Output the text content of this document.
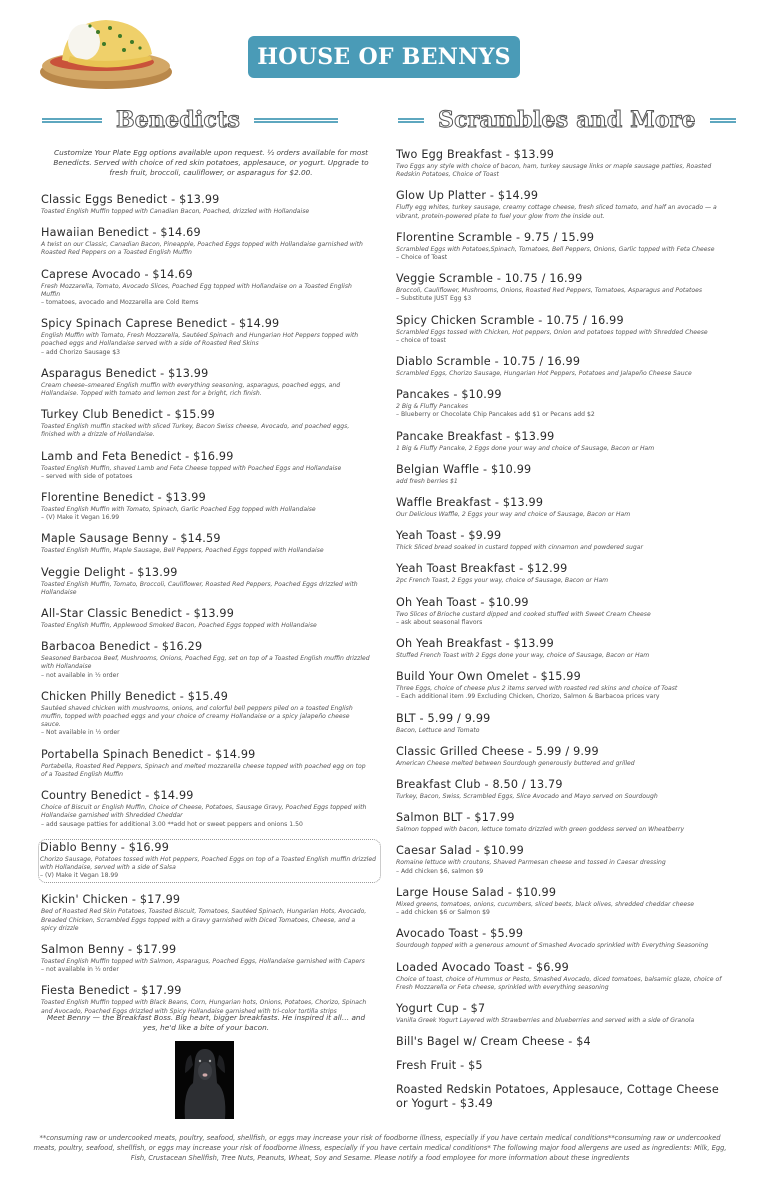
HOUSE OF BENNYS
Benedicts	Scrambles and More
Customize Your Plate Egg options available upon request. ½ orders available for most Benedicts. Served with choice of red skin potatoes, applesauce, or yogurt. Upgrade to fresh fruit, broccoli, cauliflower, or asparagus for $2.00.
Classic Eggs Benedict - $13.99
Toasted English Muffin topped with Canadian Bacon, Poached, drizzled with Hollandaise
Hawaiian Benedict - $14.69
A twist on our Classic, Canadian Bacon, Pineapple, Poached Eggs topped with Hollandaise garnished with Roasted Red Peppers on a Toasted English Muffin
Caprese Avocado - $14.69
Fresh Mozzarella, Tomato, Avocado Slices, Poached Egg topped with Hollandaise on a Toasted English Muffin
– tomatoes, avocado and Mozzarella are Cold Items
Spicy Spinach Caprese Benedict - $14.99
English Muffin with Tomato, Fresh Mozzarella, Sautéed Spinach and Hungarian Hot Peppers topped with poached eggs and Hollandaise served with a side of Roasted Red Skins
– add Chorizo Sausage $3
Asparagus Benedict - $13.99
Cream cheese–smeared English muffin with everything seasoning, asparagus, poached eggs, and Hollandaise. Topped with tomato and lemon zest for a bright, rich finish.
Turkey Club Benedict - $15.99
Toasted English muffin stacked with sliced Turkey, Bacon Swiss cheese, Avocado, and poached eggs, finished with a drizzle of Hollandaise.
Lamb and Feta Benedict - $16.99
Toasted English Muffin, shaved Lamb and Feta Cheese topped with Poached Eggs and Hollandaise
– served with side of potatoes
Florentine Benedict - $13.99
Toasted English Muffin with Tomato, Spinach, Garlic Poached Egg topped with Hollandaise
– (V) Make it Vegan 16.99
Maple Sausage Benny - $14.59
Toasted English Muffin, Maple Sausage, Bell Peppers, Poached Eggs topped with Hollandaise
Veggie Delight - $13.99
Toasted English Muffin, Tomato, Broccoli, Cauliflower, Roasted Red Peppers, Poached Eggs drizzled with Hollandaise
All-Star Classic Benedict - $13.99
Toasted English Muffin, Applewood Smoked Bacon, Poached Eggs topped with Hollandaise
Barbacoa Benedict - $16.29
Seasoned Barbacoa Beef, Mushrooms, Onions, Poached Egg, set on top of a Toasted English muffin drizzled with Hollandaise
– not available in ½ order
Chicken Philly Benedict - $15.49
Sautéed shaved chicken with mushrooms, onions, and colorful bell peppers piled on a toasted English muffin, topped with poached eggs and your choice of creamy Hollandaise or a spicy jalapeño cheese sauce.
– Not available in ½ order
Portabella Spinach Benedict - $14.99
Portabella, Roasted Red Peppers, Spinach and melted mozzarella cheese topped with poached egg on top of a Toasted English Muffin
Country Benedict - $14.99
Choice of Biscuit or English Muffin, Choice of Cheese, Potatoes, Sausage Gravy, Poached Eggs topped with Hollandaise garnished with Shredded Cheddar
– add sausage patties for additional 3.00 **add hot or sweet peppers and onions 1.50
Diablo Benny - $16.99
Chorizo Sausage, Potatoes tossed with Hot peppers, Poached Eggs on top of a Toasted English muffin drizzled with Hollandaise, served with a side of Salsa
– (V) Make it Vegan 18.99
Kickin' Chicken - $17.99
Bed of Roasted Red Skin Potatoes, Toasted Biscuit, Tomatoes, Sautéed Spinach, Hungarian Hots, Avocado, Breaded Chicken, Scrambled Eggs topped with a Gravy garnished with Diced Tomatoes, Cheese, and a spicy drizzle
Salmon Benny - $17.99
Toasted English Muffin topped with Salmon, Asparagus, Poached Eggs, Hollandaise garnished with Capers
– not available in ½ order
Fiesta Benedict - $17.99
Toasted English Muffin topped with Black Beans, Corn, Hungarian hots, Onions, Potatoes, Chorizo, Spinach and Avocado, Poached Eggs drizzled with Spicy Hollandaise garnished with tri-color tortilla strips
Two Egg Breakfast - $13.99
Two Eggs any style with choice of bacon, ham, turkey sausage links or maple sausage patties, Roasted Redskin Potatoes, Choice of Toast
Glow Up Platter - $14.99
Fluffy egg whites, turkey sausage, creamy cottage cheese, fresh sliced tomato, and half an avocado — a vibrant, protein-powered plate to fuel your glow from the inside out.
Florentine Scramble - 9.75 / 15.99
Scrambled Eggs with Potatoes,Spinach, Tomatoes, Bell Peppers, Onions, Garlic topped with Feta Cheese
– Choice of Toast
Veggie Scramble - 10.75 / 16.99
Broccoli, Cauliflower, Mushrooms, Onions, Roasted Red Peppers, Tomatoes, Asparagus and Potatoes
– Substitute JUST Egg $3
Spicy Chicken Scramble - 10.75 / 16.99
Scrambled Eggs tossed with Chicken, Hot peppers, Onion and potatoes topped with Shredded Cheese
– choice of toast
Diablo Scramble - 10.75 / 16.99
Scrambled Eggs, Chorizo Sausage, Hungarian Hot Peppers, Potatoes and Jalapeño Cheese Sauce
Pancakes - $10.99
2 Big & Fluffy Pancakes
– Blueberry or Chocolate Chip Pancakes add $1 or Pecans add $2
Pancake Breakfast - $13.99
1 Big & Fluffy Pancake, 2 Eggs done your way and choice of Sausage, Bacon or Ham
Belgian Waffle - $10.99
add fresh berries $1
Waffle Breakfast - $13.99
Our Delicious Waffle, 2 Eggs your way and choice of Sausage, Bacon or Ham
Yeah Toast - $9.99
Thick Sliced bread soaked in custard topped with cinnamon and powdered sugar
Yeah Toast Breakfast - $12.99
2pc French Toast, 2 Eggs your way, choice of Sausage, Bacon or Ham
Oh Yeah Toast - $10.99
Two Slices of Brioche custard dipped and cooked stuffed with Sweet Cream Cheese
– ask about seasonal flavors
Oh Yeah Breakfast - $13.99
Stuffed French Toast with 2 Eggs done your way, choice of Sausage, Bacon or Ham
Build Your Own Omelet - $15.99
Three Eggs, choice of cheese plus 2 items served with roasted red skins and choice of Toast
– Each additional item .99 Excluding Chicken, Chorizo, Salmon & Barbacoa prices vary
BLT - 5.99 / 9.99
Bacon, Lettuce and Tomato
Classic Grilled Cheese - 5.99 / 9.99
American Cheese melted between Sourdough generously buttered and grilled
Breakfast Club - 8.50 / 13.79
Turkey, Bacon, Swiss, Scrambled Eggs, Slice Avocado and Mayo served on Sourdough
Salmon BLT - $17.99
Salmon topped with bacon, lettuce tomato drizzled with green goddess served on Wheatberry
Caesar Salad - $10.99
Romaine lettuce with croutons, Shaved Parmesan cheese and tossed in Caesar dressing
– Add chicken $6, salmon $9
Large House Salad - $10.99
Mixed greens, tomatoes, onions, cucumbers, sliced beets, black olives, shredded cheddar cheese
– add chicken $6 or Salmon $9
Avocado Toast - $5.99
Sourdough topped with a generous amount of Smashed Avocado sprinkled with Everything Seasoning
Loaded Avocado Toast - $6.99
Choice of toast, choice of Hummus or Pesto, Smashed Avocado, diced tomatoes, balsamic glaze, choice of Fresh Mozzarella or Feta cheese, sprinkled with everything seasoning
Yogurt Cup - $7
Vanilla Greek Yogurt Layered with Strawberries and blueberries and served with a side of Granola
Bill's Bagel w/ Cream Cheese - $4
Fresh Fruit - $5
Roasted Redskin Potatoes, Applesauce, Cottage Cheese or Yogurt - $3.49
Meet Benny — the Breakfast Boss. Big heart, bigger breakfasts. He inspired it all… and yes, he'd like a bite of your bacon.
**consuming raw or undercooked meats, poultry, seafood, shellfish, or eggs may increase your risk of foodborne illness, especially if you have certain medical conditions**consuming raw or undercooked meats, poultry, seafood, shellfish, or eggs may increase your risk of foodborne illness, especially if you have certain medical conditions* The following major food allergens are used as ingredients: Milk, Egg, Fish, Crustacean Shellfish, Tree Nuts, Peanuts, Wheat, Soy and Sesame. Please notify a food employee for more information about these ingredients
